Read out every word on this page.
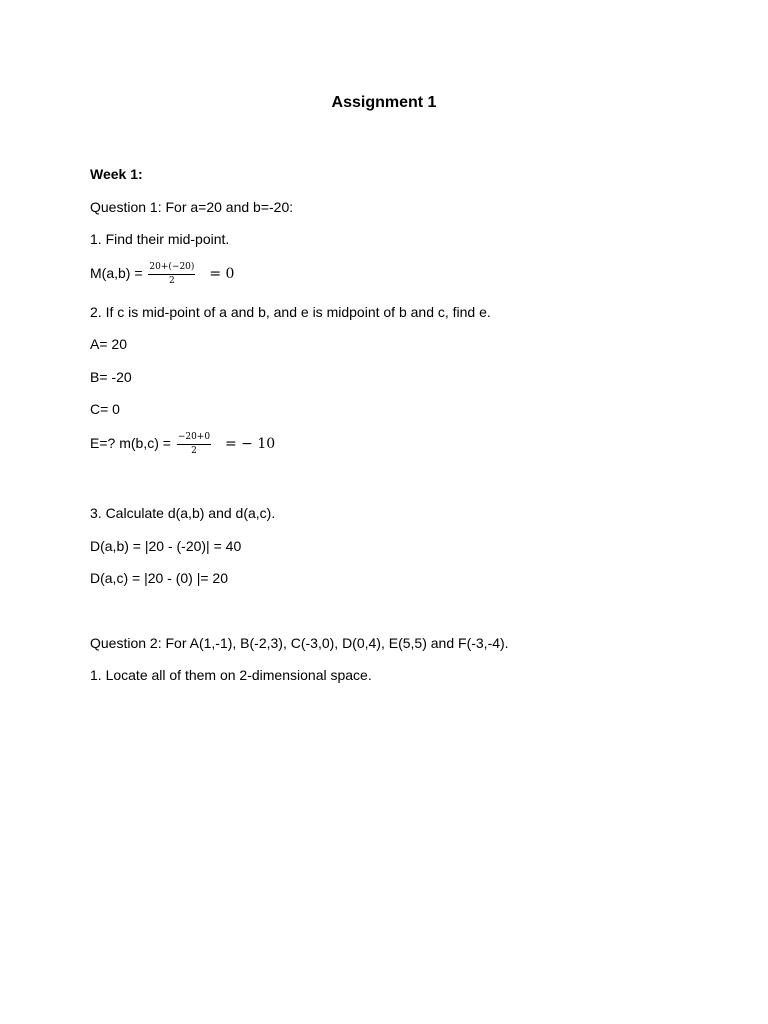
Assignment 1
Week 1:
Question 1: For a=20 and b=-20:
1. Find their mid-point.
$M(a,b) = \frac{20+(-20)}{2} = 0$
2. If c is mid-point of a and b, and e is midpoint of b and c, find e.
A= 20
B= -20
C= 0
E=? $m(b,c) = \frac{-20+0}{2}$ = − 10
3. Calculate d(a,b) and d(a,c).
D(a,b) = |20 - (-20)| = 40
D(a,c) = |20 - (0) |= 20
Question 2: For A(1,-1), B(-2,3), C(-3,0), D(0,4), E(5,5) and F(-3,-4).
1. Locate all of them on 2-dimensional space.
